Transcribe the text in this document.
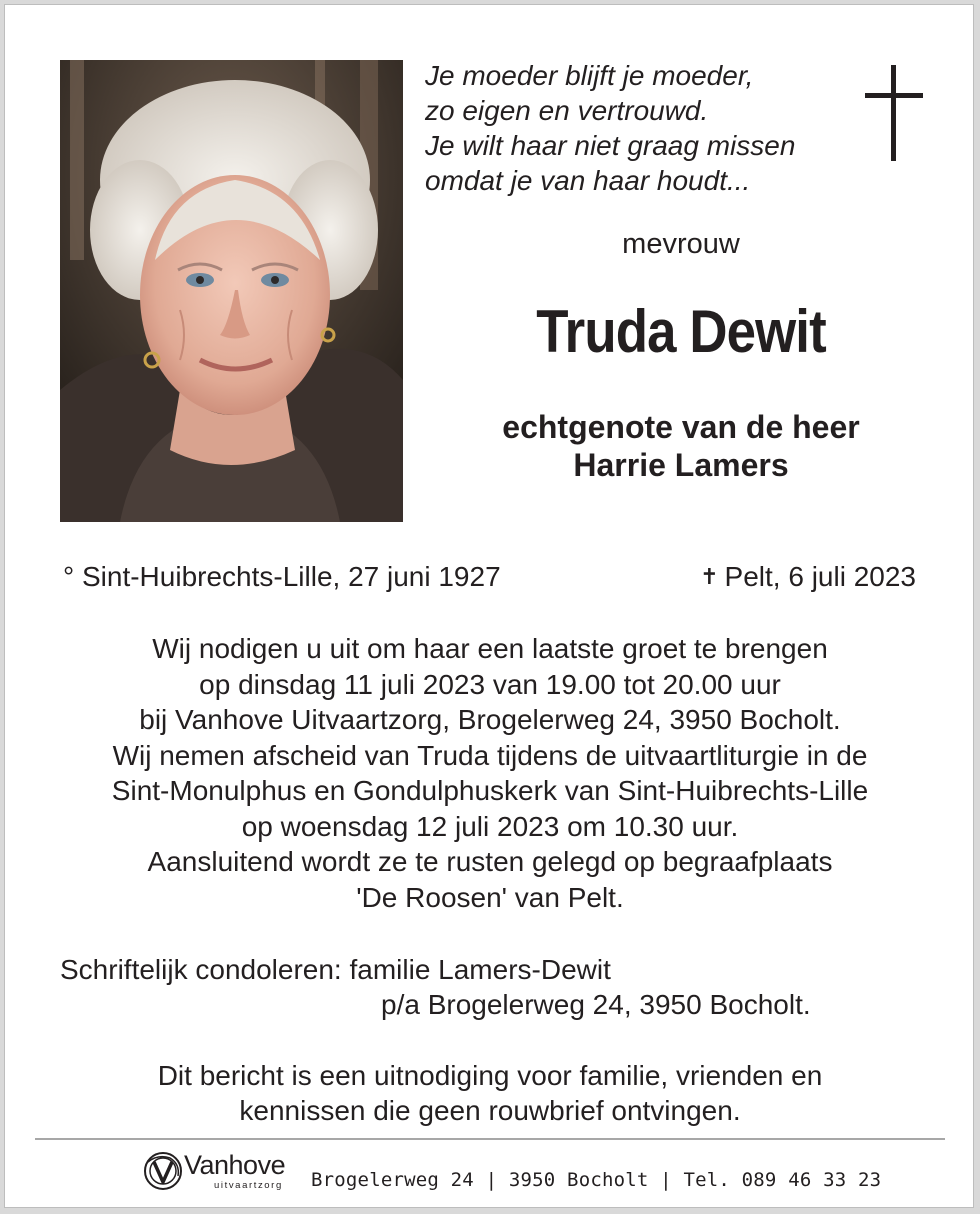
Je moeder blijft je moeder,
zo eigen en vertrouwd.
Je wilt haar niet graag missen
omdat je van haar houdt...
mevrouw
Truda Dewit
echtgenote van de heer
Harrie Lamers
° Sint-Huibrechts-Lille, 27 juni 1927	✝ Pelt, 6 juli 2023
Wij nodigen u uit om haar een laatste groet te brengen
op dinsdag 11 juli 2023 van 19.00 tot 20.00 uur
bij Vanhove Uitvaartzorg, Brogelerweg 24, 3950 Bocholt.
Wij nemen afscheid van Truda tijdens de uitvaartliturgie in de
Sint-Monulphus en Gondulphuskerk van Sint-Huibrechts-Lille
op woensdag 12 juli 2023 om 10.30 uur.
Aansluitend wordt ze te rusten gelegd op begraafplaats
'De Roosen' van Pelt.
Schriftelijk condoleren: familie Lamers-Dewit
p/a Brogelerweg 24, 3950 Bocholt.
Dit bericht is een uitnodiging voor familie, vrienden en
kennissen die geen rouwbrief ontvingen.
Vanhove
uitvaartzorg Brogelerweg 24 | 3950 Bocholt | Tel. 089 46 33 23
